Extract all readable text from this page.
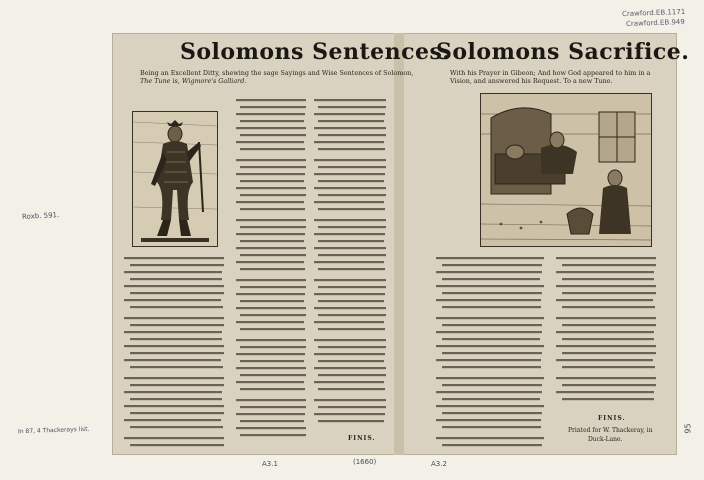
Crawford.EB.1171
Crawford.EB.949
Roxb. 591.
In 87, 4 Thackerays list.
A3.1	(1660)	A3.2
95
Solomons Sentences.
Being an Excellent Ditty, shewing the sage Sayings and Wise Sentences of Solomon,
The Tune is, Wigmore's Galliard.
FINIS.
Solomons Sacrifice.
With his Prayer in Gibeon; And how God appeared to him in a
Vision, and answered his Request. To a new Tune.
FINIS.
Printed for W. Thackeray, in
Duck-Lane.
